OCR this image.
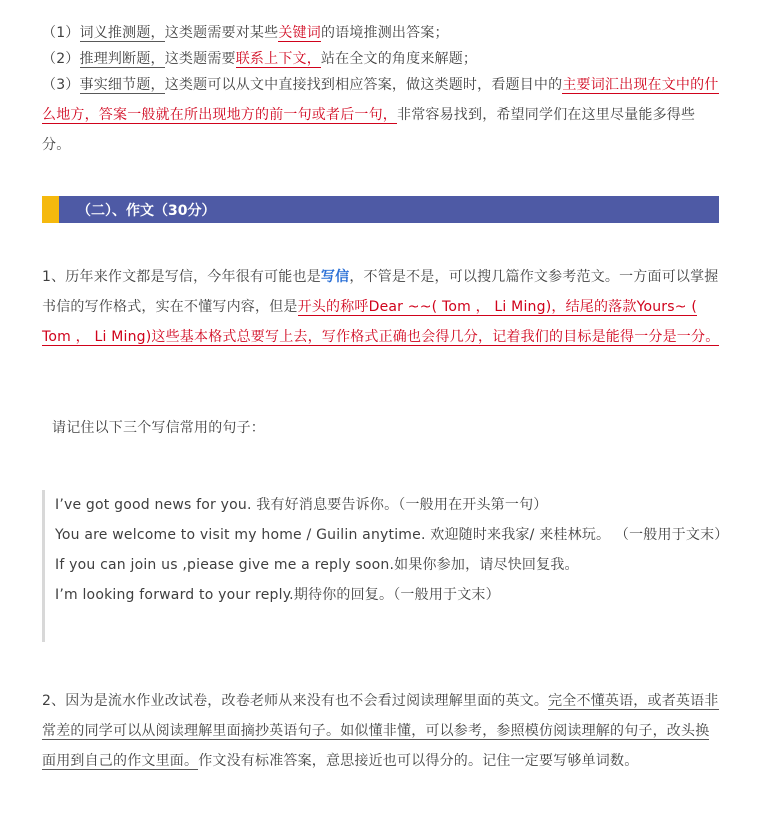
（1）词义推测题，这类题需要对某些关键词的语境推测出答案；
（2）推理判断题，这类题需要联系上下文，站在全文的角度来解题；
（3）事实细节题，这类题可以从文中直接找到相应答案，做这类题时，看题目中的主要词汇出现在文中的什么地方，答案一般就在所出现地方的前一句或者后一句，非常容易找到，希望同学们在这里尽量能多得些分。
（二）、作文（30分）
1、历年来作文都是写信，今年很有可能也是写信，不管是不是，可以搜几篇作文参考范文。一方面可以掌握书信的写作格式，实在不懂写内容，但是开头的称呼Dear ~~( Tom ， Li Ming)，结尾的落款Yours~ ( Tom ， Li Ming)这些基本格式总要写上去，写作格式正确也会得几分，记着我们的目标是能得一分是一分。
请记住以下三个写信常用的句子：
I’ve got good news for you. 我有好消息要告诉你。（一般用在开头第一句）
You are welcome to visit my home / Guilin anytime. 欢迎随时来我家/ 来桂林玩。 （一般用于文末）
If you can join us ,piease give me a reply soon.如果你参加，请尽快回复我。
I’m looking forward to your reply.期待你的回复。（一般用于文末）
2、因为是流水作业改试卷，改卷老师从来没有也不会看过阅读理解里面的英文。完全不懂英语，或者英语非常差的同学可以从阅读理解里面摘抄英语句子。如似懂非懂，可以参考，参照模仿阅读理解的句子，改头换面用到自己的作文里面。作文没有标准答案，意思接近也可以得分的。记住一定要写够单词数。
